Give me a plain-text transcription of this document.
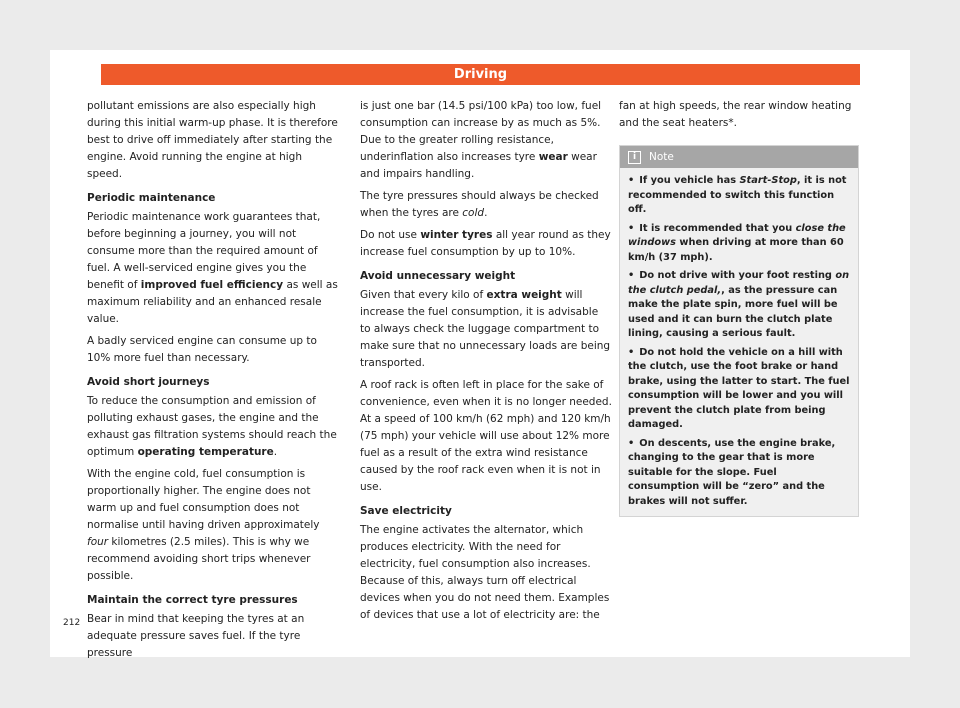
Driving

pollutant emissions are also especially high during this initial warm-up phase. It is therefore best to drive off immediately after starting the engine. Avoid running the engine at high speed.

Periodic maintenance

Periodic maintenance work guarantees that, before beginning a journey, you will not consume more than the required amount of fuel. A well-serviced engine gives you the benefit of improved fuel efficiency as well as maximum reliability and an enhanced resale value.

A badly serviced engine can consume up to 10% more fuel than necessary.

Avoid short journeys

To reduce the consumption and emission of polluting exhaust gases, the engine and the exhaust gas filtration systems should reach the optimum operating temperature.

With the engine cold, fuel consumption is proportionally higher. The engine does not warm up and fuel consumption does not normalise until having driven approximately four kilometres (2.5 miles). This is why we recommend avoiding short trips whenever possible.

Maintain the correct tyre pressures

Bear in mind that keeping the tyres at an adequate pressure saves fuel. If the tyre pressure

is just one bar (14.5 psi/100 kPa) too low, fuel consumption can increase by as much as 5%. Due to the greater rolling resistance, underinflation also increases tyre wear wear and impairs handling.

The tyre pressures should always be checked when the tyres are cold.

Do not use winter tyres all year round as they increase fuel consumption by up to 10%.

Avoid unnecessary weight

Given that every kilo of extra weight will increase the fuel consumption, it is advisable to always check the luggage compartment to make sure that no unnecessary loads are being transported.

A roof rack is often left in place for the sake of convenience, even when it is no longer needed. At a speed of 100 km/h (62 mph) and 120 km/h (75 mph) your vehicle will use about 12% more fuel as a result of the extra wind resistance caused by the roof rack even when it is not in use.

Save electricity

The engine activates the alternator, which produces electricity. With the need for electricity, fuel consumption also increases. Because of this, always turn off electrical devices when you do not need them. Examples of devices that use a lot of electricity are: the

fan at high speeds, the rear window heating and the seat heaters*.

i Note

• If you vehicle has Start-Stop, it is not recommended to switch this function off.

• It is recommended that you close the windows when driving at more than 60 km/h (37 mph).

• Do not drive with your foot resting on the clutch pedal,, as the pressure can make the plate spin, more fuel will be used and it can burn the clutch plate lining, causing a serious fault.

• Do not hold the vehicle on a hill with the clutch, use the foot brake or hand brake, using the latter to start. The fuel consumption will be lower and you will prevent the clutch plate from being damaged.

• On descents, use the engine brake, changing to the gear that is more suitable for the slope. Fuel consumption will be “zero” and the brakes will not suffer.

212
